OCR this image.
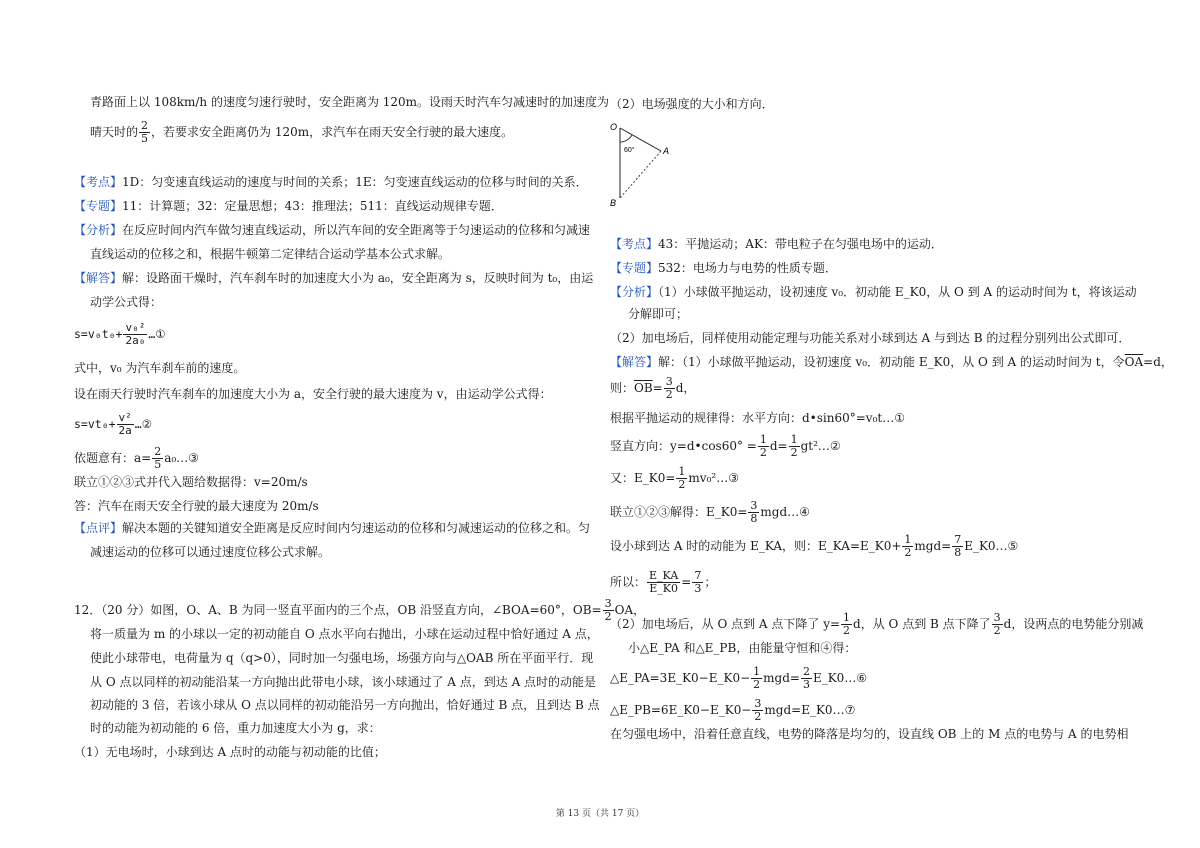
青路面上以 108km/h 的速度匀速行驶时，安全距离为 120m。设雨天时汽车匀减速时的加速度为
晴天时的 $\frac{2}{5}$ ，若要求安全距离仍为 120m，求汽车在雨天安全行驶的最大速度。
【考点】1D：匀变速直线运动的速度与时间的关系；1E：匀变速直线运动的位移与时间的关系．
【专题】11：计算题；32：定量思想；43：推理法；511：直线运动规律专题．
【分析】在反应时间内汽车做匀速直线运动，所以汽车间的安全距离等于匀速运动的位移和匀减速
直线运动的位移之和，根据牛顿第二定律结合运动学基本公式求解。
【解答】解：设路面干燥时，汽车刹车时的加速度大小为 a₀，安全距离为 s，反映时间为 t₀，由运
动学公式得：
$s=v_0t_0+ \frac{\text{v₀²}}{\text{2a₀}}$ …①
式中，v₀ 为汽车刹车前的速度。
设在雨天行驶时汽车刹车的加速度大小为 a，安全行驶的最大速度为 v，由运动学公式得：
$s=vt_0+ \frac{\text{v²}}{2a}$ …②
依题意有：$a= \frac{2}{5}$ a₀…③
联立①②③式并代入题给数据得：v=20m/s
答：汽车在雨天安全行驶的最大速度为 20m/s
【点评】解决本题的关键知道安全距离是反应时间内匀速运动的位移和匀减速运动的位移之和。匀
减速运动的位移可以通过速度位移公式求解。
12．（20 分）如图，O、A、B 为同一竖直平面内的三个点，OB 沿竖直方向，∠BOA=60°，$OB= \frac{3}{2}$ OA，
将一质量为 m 的小球以一定的初动能自 O 点水平向右抛出，小球在运动过程中恰好通过 A 点，
使此小球带电，电荷量为 q（q>0），同时加一匀强电场，场强方向与△OAB 所在平面平行．现
从 O 点以同样的初动能沿某一方向抛出此带电小球，该小球通过了 A 点，到达 A 点时的动能是
初动能的 3 倍，若该小球从 O 点以同样的初动能沿另一方向抛出，恰好通过 B 点，且到达 B 点
时的动能为初动能的 6 倍，重力加速度大小为 g，求：
（1）无电场时，小球到达 A 点时的动能与初动能的比值；
（2）电场强度的大小和方向．
O
A
B
60°
【考点】43：平抛运动；AK：带电粒子在匀强电场中的运动．
【专题】532：电场力与电势的性质专题．
【分析】（1）小球做平抛运动，设初速度 v₀．初动能 E_K0，从 O 到 A 的运动时间为 t，将该运动
分解即可；
（2）加电场后，同样使用动能定理与功能关系对小球到达 A 与到达 B 的过程分别列出公式即可．
【解答】解：（1）小球做平抛运动，设初速度 v₀．初动能 E_K0，从 O 到 A 的运动时间为 t，令$\overline{OA}=d$，
则：$\overline{OB}= \frac{3}{2}$ d，
根据平抛运动的规律得：水平方向：d•sin60°=v₀t…①
竖直方向：y=d•cos60° = $\frac{1}{2} d= \frac{1}{2}$ gt²…②
又：E_K0= $\frac{1}{2}$ mv₀²…③
联立①②③解得：E_K0= $\frac{3}{8}$ mgd…④
设小球到达 A 时的动能为 E_KA，则：E_KA=E_K0+ $\frac{1}{2} mgd= \frac{7}{8}$ E_K0…⑤
所以： $\frac{E\_KA}{E\_K0} = \frac{7}{3}$ ；
（2）加电场后，从 O 点到 A 点下降了 $y= \frac{1}{2}$ d，从 O 点到 B 点下降了 $\frac{3}{2}$ d，设两点的电势能分别减
小△E_PA 和△E_PB，由能量守恒和④得：
△E_PA=3E_K0−E_K0− $\frac{1}{2} mgd= \frac{2}{3}$ E_K0…⑥
△E_PB=6E_K0−E_K0− $\frac{3}{2}$ mgd=E_K0…⑦
在匀强电场中，沿着任意直线，电势的降落是均匀的，设直线 OB 上的 M 点的电势与 A 的电势相
第 13 页（共 17 页）
